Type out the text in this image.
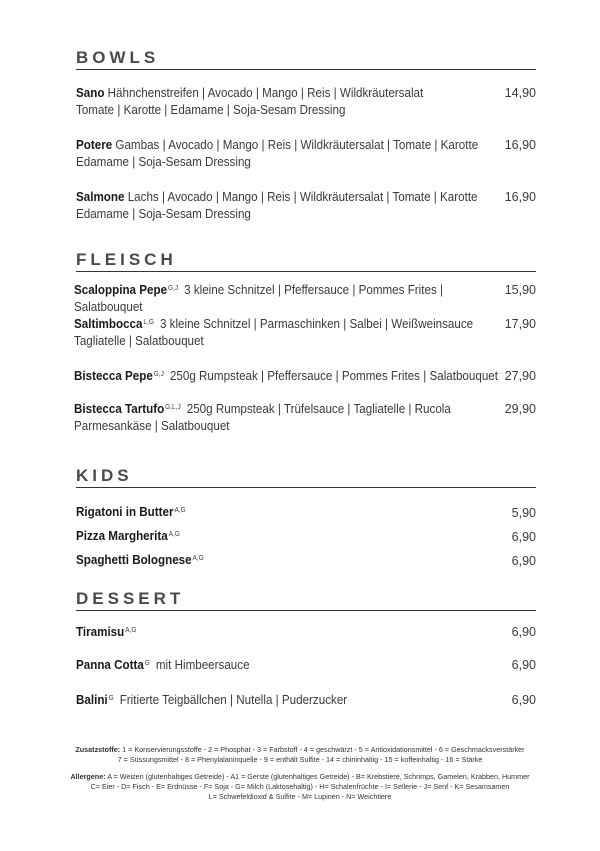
BOWLS
Sano Hähnchenstreifen | Avocado | Mango | Reis | Wildkräutersalat
Tomate | Karotte | Edamame | Soja-Sesam Dressing
14,90
Potere Gambas | Avocado | Mango | Reis | Wildkräutersalat | Tomate | Karotte
Edamame | Soja-Sesam Dressing
16,90
Salmone Lachs | Avocado | Mango | Reis | Wildkräutersalat | Tomate | Karotte
Edamame | Soja-Sesam Dressing
16,90
FLEISCH
Scaloppina Pepe$^{G,J}$ 3 kleine Schnitzel | Pfeffersauce | Pommes Frites | Salatbouquet
15,90
Saltimbocca$^{L,G}$ 3 kleine Schnitzel | Parmaschinken | Salbei | Weißweinsauce
Tagliatelle | Salatbouquet
17,90
Bistecca Pepe$^{G,J}$ 250g Rumpsteak | Pfeffersauce | Pommes Frites | Salatbouquet 27,90
Bistecca Tartufo$^{G,L,J}$ 250g Rumpsteak | Trüfelsauce | Tagliatelle | Rucola
Parmesankäse | Salatbouquet
29,90
KIDS
Rigatoni in Butter$^{A,G}$	5,90
Pizza Margherita$^{A,G}$	6,90
Spaghetti Bolognese$^{A,G}$	6,90
DESSERT
Tiramisu$^{A,G}$	6,90
Panna Cotta$^G$ mit Himbeersauce	6,90
Balini$^G$ Fritierte Teigbällchen | Nutella | Puderzucker	6,90
Zusatzstoffe: 1 = Konservierungsstoffe - 2 = Phosphat - 3 = Farbstoff - 4 = geschwärzt - 5 = Antioxidationsmittel - 6 = Geschmacksverstärker
7 = Süssungsmittel - 8 = Phenylalaninquelle - 9 = enthält Sulfite - 14 = chininhaltig - 15 = koffeinhaltig - 16 = Stärke
Allergene: A = Weizen (glutenhaltiges Getreide) - A1 = Gerste (glutenhaltiges Getreide) - B= Krebstiere, Schrimps, Gamelen, Krabben, Hummer
C= Eier - D= Fisch - E= Erdnüsse - F= Soja - G= Milch (Laktosehaltig) - H= Schalenfrüchte - I= Sellerie - J= Senf - K= Sesamsamen
L= Schwefeldioxid & Sulfite - M= Lupinen - N= Weichtiere
